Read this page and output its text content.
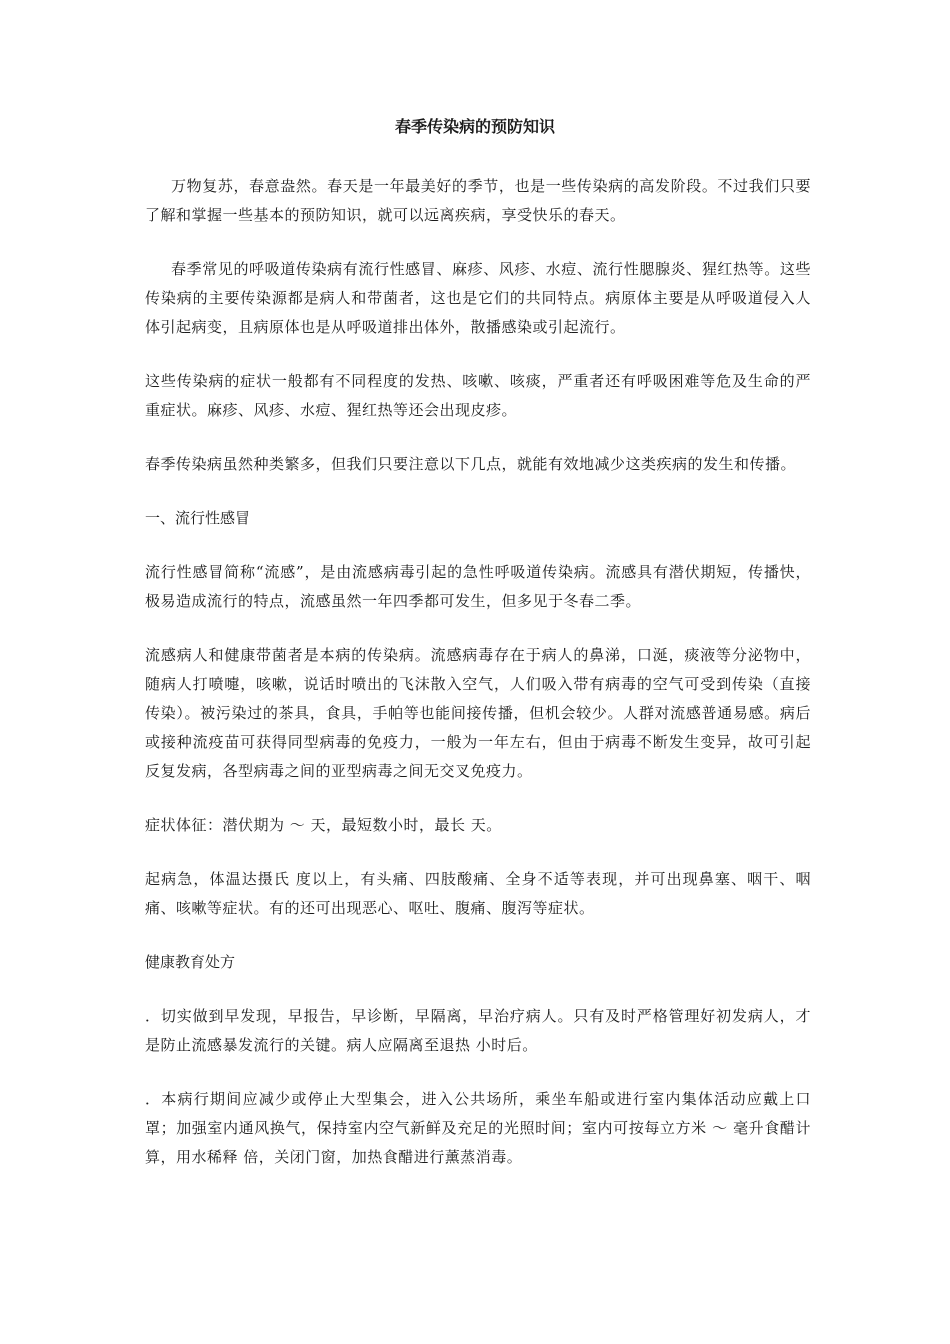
春季传染病的预防知识

万物复苏，春意盎然。春天是一年最美好的季节，也是一些传染病的高发阶段。不过我们只要了解和掌握一些基本的预防知识，就可以远离疾病，享受快乐的春天。

春季常见的呼吸道传染病有流行性感冒、麻疹、风疹、水痘、流行性腮腺炎、猩红热等。这些传染病的主要传染源都是病人和带菌者，这也是它们的共同特点。病原体主要是从呼吸道侵入人体引起病变，且病原体也是从呼吸道排出体外，散播感染或引起流行。

这些传染病的症状一般都有不同程度的发热、咳嗽、咳痰，严重者还有呼吸困难等危及生命的严重症状。麻疹、风疹、水痘、猩红热等还会出现皮疹。

春季传染病虽然种类繁多，但我们只要注意以下几点，就能有效地减少这类疾病的发生和传播。

一、流行性感冒

流行性感冒简称“流感”，是由流感病毒引起的急性呼吸道传染病。流感具有潜伏期短，传播快，极易造成流行的特点，流感虽然一年四季都可发生，但多见于冬春二季。

流感病人和健康带菌者是本病的传染病。流感病毒存在于病人的鼻涕，口涎，痰液等分泌物中，随病人打喷嚏，咳嗽，说话时喷出的飞沫散入空气，人们吸入带有病毒的空气可受到传染（直接传染）。被污染过的茶具，食具，手帕等也能间接传播，但机会较少。人群对流感普通易感。病后或接种流疫苗可获得同型病毒的免疫力，一般为一年左右，但由于病毒不断发生变异，故可引起反复发病，各型病毒之间的亚型病毒之间无交叉免疫力。

症状体征：潜伏期为 ～ 天，最短数小时，最长 天。

起病急，体温达摄氏 度以上，有头痛、四肢酸痛、全身不适等表现，并可出现鼻塞、咽干、咽痛、咳嗽等症状。有的还可出现恶心、呕吐、腹痛、腹泻等症状。

健康教育处方

．切实做到早发现，早报告，早诊断，早隔离，早治疗病人。只有及时严格管理好初发病人，才是防止流感暴发流行的关键。病人应隔离至退热 小时后。

．本病行期间应减少或停止大型集会，进入公共场所，乘坐车船或进行室内集体活动应戴上口罩；加强室内通风换气，保持室内空气新鲜及充足的光照时间；室内可按每立方米 ～ 毫升食醋计算，用水稀释 倍，关闭门窗，加热食醋进行薰蒸消毒。
